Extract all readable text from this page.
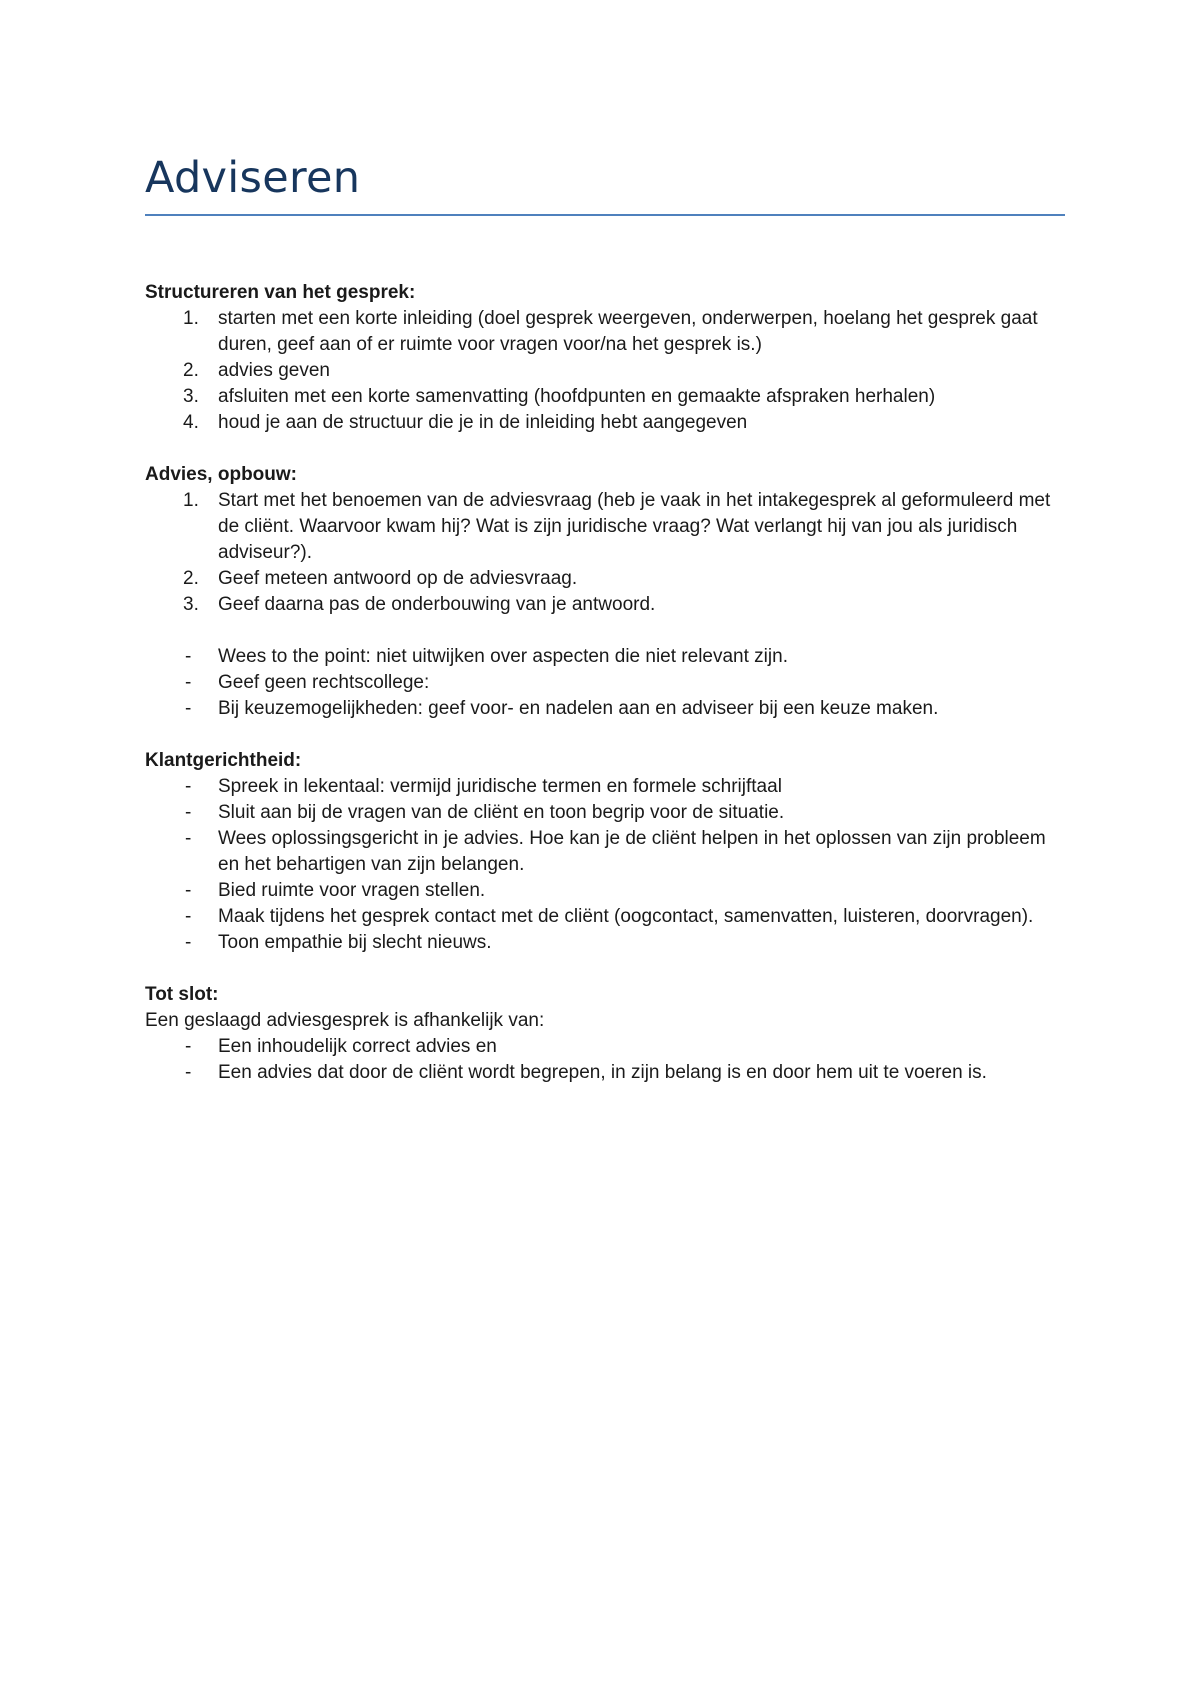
Adviseren

Structureren van het gesprek:

1. starten met een korte inleiding (doel gesprek weergeven, onderwerpen, hoelang het gesprek gaat duren, geef aan of er ruimte voor vragen voor/na het gesprek is.)
2. advies geven
3. afsluiten met een korte samenvatting (hoofdpunten en gemaakte afspraken herhalen)
4. houd je aan de structuur die je in de inleiding hebt aangegeven

Advies, opbouw:

1. Start met het benoemen van de adviesvraag (heb je vaak in het intakegesprek al geformuleerd met de cliënt. Waarvoor kwam hij? Wat is zijn juridische vraag? Wat verlangt hij van jou als juridisch adviseur?).
2. Geef meteen antwoord op de adviesvraag.
3. Geef daarna pas de onderbouwing van je antwoord.
- Wees to the point: niet uitwijken over aspecten die niet relevant zijn.
- Geef geen rechtscollege:
- Bij keuzemogelijkheden: geef voor- en nadelen aan en adviseer bij een keuze maken.

Klantgerichtheid:

- Spreek in lekentaal: vermijd juridische termen en formele schrijftaal
- Sluit aan bij de vragen van de cliënt en toon begrip voor de situatie.
- Wees oplossingsgericht in je advies. Hoe kan je de cliënt helpen in het oplossen van zijn probleem en het behartigen van zijn belangen.
- Bied ruimte voor vragen stellen.
- Maak tijdens het gesprek contact met de cliënt (oogcontact, samenvatten, luisteren, doorvragen).
- Toon empathie bij slecht nieuws.

Tot slot:

Een geslaagd adviesgesprek is afhankelijk van:

- Een inhoudelijk correct advies en
- Een advies dat door de cliënt wordt begrepen, in zijn belang is en door hem uit te voeren is.
